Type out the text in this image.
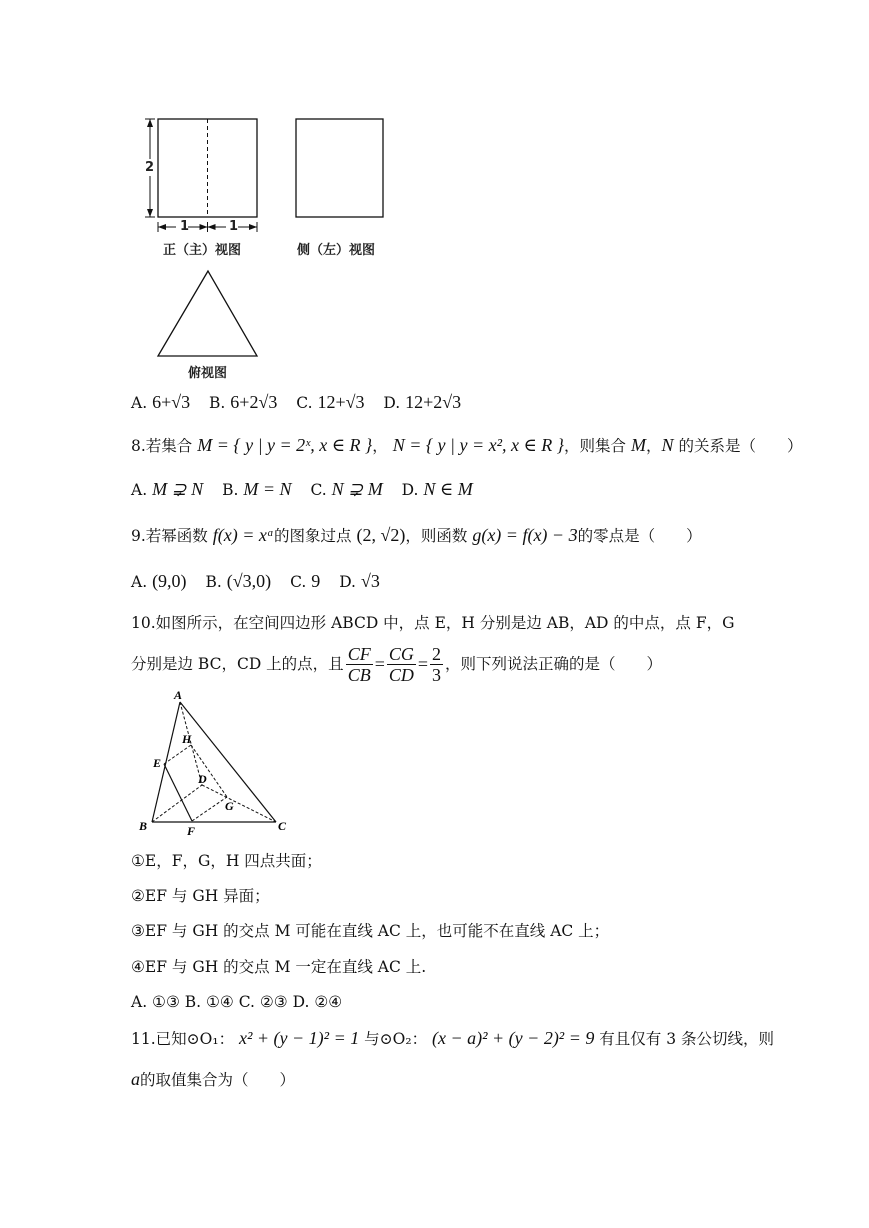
2
1	1
正（主）视图	侧（左）视图
俯视图
A. 6+√3 B. 6+2√3 C. 12+√3 D. 12+2√3
8.若集合 M = { y | y = 2ˣ, x ∈ R }， N = { y | y = x², x ∈ R }，则集合 M，N 的关系是（　　）
A. M ⊋ N B. M = N C. N ⊋ M D. N ∈ M
9.若幂函数 f(x) = xᵅ的图象过点 (2, √2)，则函数 g(x) = f(x) − 3的零点是（　　）
A. (9,0) B. (√3,0) C. 9 D. √3
10.如图所示，在空间四边形 ABCD 中，点 E，H 分别是边 AB，AD 的中点，点 F，G
分别是边 BC，CD 上的点，且 $\frac{CF}{CB} = \frac{CG}{CD} = \frac{2}{3}$ ，则下列说法正确的是（　　）
A
B	C
D
E
F
G
H
①E，F，G，H 四点共面；
②EF 与 GH 异面；
③EF 与 GH 的交点 M 可能在直线 AC 上，也可能不在直线 AC 上；
④EF 与 GH 的交点 M 一定在直线 AC 上.
A. ①③ B. ①④ C. ②③ D. ②④
11.已知⊙O₁： x² + (y − 1)² = 1 与⊙O₂： (x − a)² + (y − 2)² = 9 有且仅有 3 条公切线，则
a的取值集合为（　　）
